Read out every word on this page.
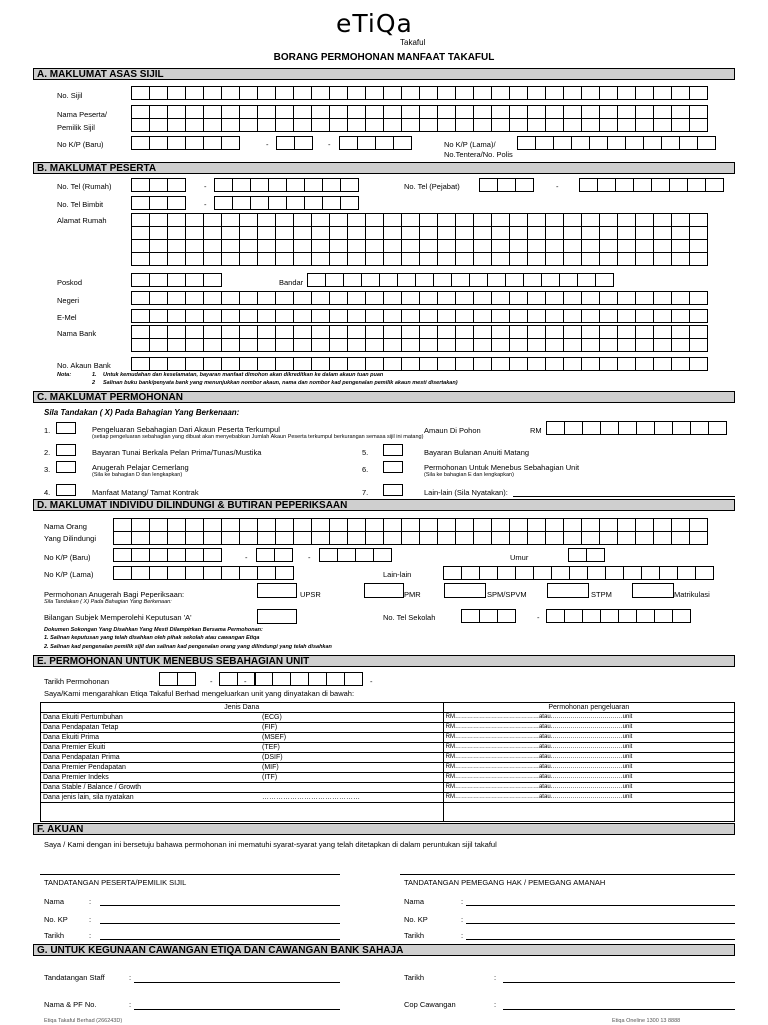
eTiQa
Takaful
BORANG PERMOHONAN MANFAAT TAKAFUL
A. MAKLUMAT ASAS SIJIL
No. Sijil
Nama Peserta/
Pemilik Sijil
No K/P (Baru)	-	-	No K/P (Lama)/
No.Tentera/No. Polis
B. MAKLUMAT PESERTA
No. Tel (Rumah)	-	No. Tel (Pejabat)	-
No. Tel Bimbit	-
Alamat Rumah
Poskod	Bandar
Negeri
E-Mel
Nama Bank
No. Akaun Bank
Nota:	1. Untuk kemudahan dan keselamatan, bayaran manfaat dimohon akan dikreditkan ke dalam akaun tuan puan
2 Salinan buku bank/penyata bank yang menunjukkan nombor akaun, nama dan nombor kad pengenalan pemilik akaun mesti disertakan)
C. MAKLUMAT PERMOHONAN
Sila Tandakan ( X) Pada Bahagian Yang Berkenaan:
1.	Pengeluaran Sebahagian Dari Akaun Peserta Terkumpul
(setiap pengeluaran sebahagian yang dibuat akan menyebabkan Jumlah Akaun Peserta terkumpul berkurangan semasa sijil ini matang)
Amaun Di Pohon	RM
2.	Bayaran Tunai Berkala Pelan Prima/Tunas/Mustika	5.	Bayaran Bulanan Anuiti Matang
3.	Anugerah Pelajar Cemerlang
(Sila ke bahagian D dan lengkapkan)
6.	Permohonan Untuk Menebus Sebahagian Unit
(Sila ke bahagian E dan lengkapkan)
4.	Manfaat Matang/ Tamat Kontrak	7.	Lain-lain (Sila Nyatakan):
D. MAKLUMAT INDIVIDU DILINDUNGI & BUTIRAN PEPERIKSAAN
Nama Orang
Yang Dilindungi
No K/P (Baru)	-	-	Umur
No K/P (Lama)	Lain-lain
Permohonan Anugerah Bagi Peperiksaan:
Sila Tandakan ( X) Pada Bahagian Yang Berkenaan:
UPSR	PMR	SPM/SPVM	STPM	Matrikulasi
Bilangan Subjek Memperolehi Keputusan 'A'	No. Tel Sekolah	-
Dokumen Sokongan Yang Disahkan Yang Mesti Dilampirkan Bersama Permohonan:
1. Salinan keputusan yang telah disahkan oleh pihak sekolah atau cawangan Etiqa
2. Salinan kad pengenalan pemilik sijil dan salinan kad pengenalan orang yang dilindungi yang telah disahkan
E. PERMOHONAN UNTUK MENEBUS SEBAHAGIAN UNIT
Tarikh Permohonan	-	-	-
Saya/Kami mengarahkan Etiqa Takaful Berhad mengeluarkan unit yang dinyatakan di bawah:
Jenis Dana		Permohonan pengeluaran
Dana Ekuiti Pertumbuhan	(ECG)	RM……………………………………atau………………………………unit
Dana Pendapatan Tetap	(FIF)	RM……………………………………atau………………………………unit
Dana Ekuiti Prima	(MSEF)	RM……………………………………atau………………………………unit
Dana Premier Ekuiti	(TEF)	RM……………………………………atau………………………………unit
Dana Pendapatan Prima	(DSIF)	RM……………………………………atau………………………………unit
Dana Premier Pendapatan	(MIF)	RM……………………………………atau………………………………unit
Dana Premier Indeks	(ITF)	RM……………………………………atau………………………………unit
Dana Stable / Balance / Growth		RM……………………………………atau………………………………unit
Dana jenis lain, sila nyatakan	……………………………………	RM……………………………………atau………………………………unit

F. AKUAN
Saya / Kami dengan ini bersetuju bahawa permohonan ini mematuhi syarat-syarat yang telah ditetapkan di dalam peruntukan sijil takaful
TANDATANGAN PESERTA/PEMILIK SIJIL	TANDATANGAN PEMEGANG HAK / PEMEGANG AMANAH
Nama	:	Nama	:
No. KP	:	No. KP	:
Tarikh	:	Tarikh	:
G. UNTUK KEGUNAAN CAWANGAN ETIQA DAN CAWANGAN BANK SAHAJA
Tandatangan Staff	:	Tarikh	:
Nama & PF No.	:	Cop Cawangan	:
Etiqa Takaful Berhad (266243D)	Etiqa Oneline 1300 13 8888
